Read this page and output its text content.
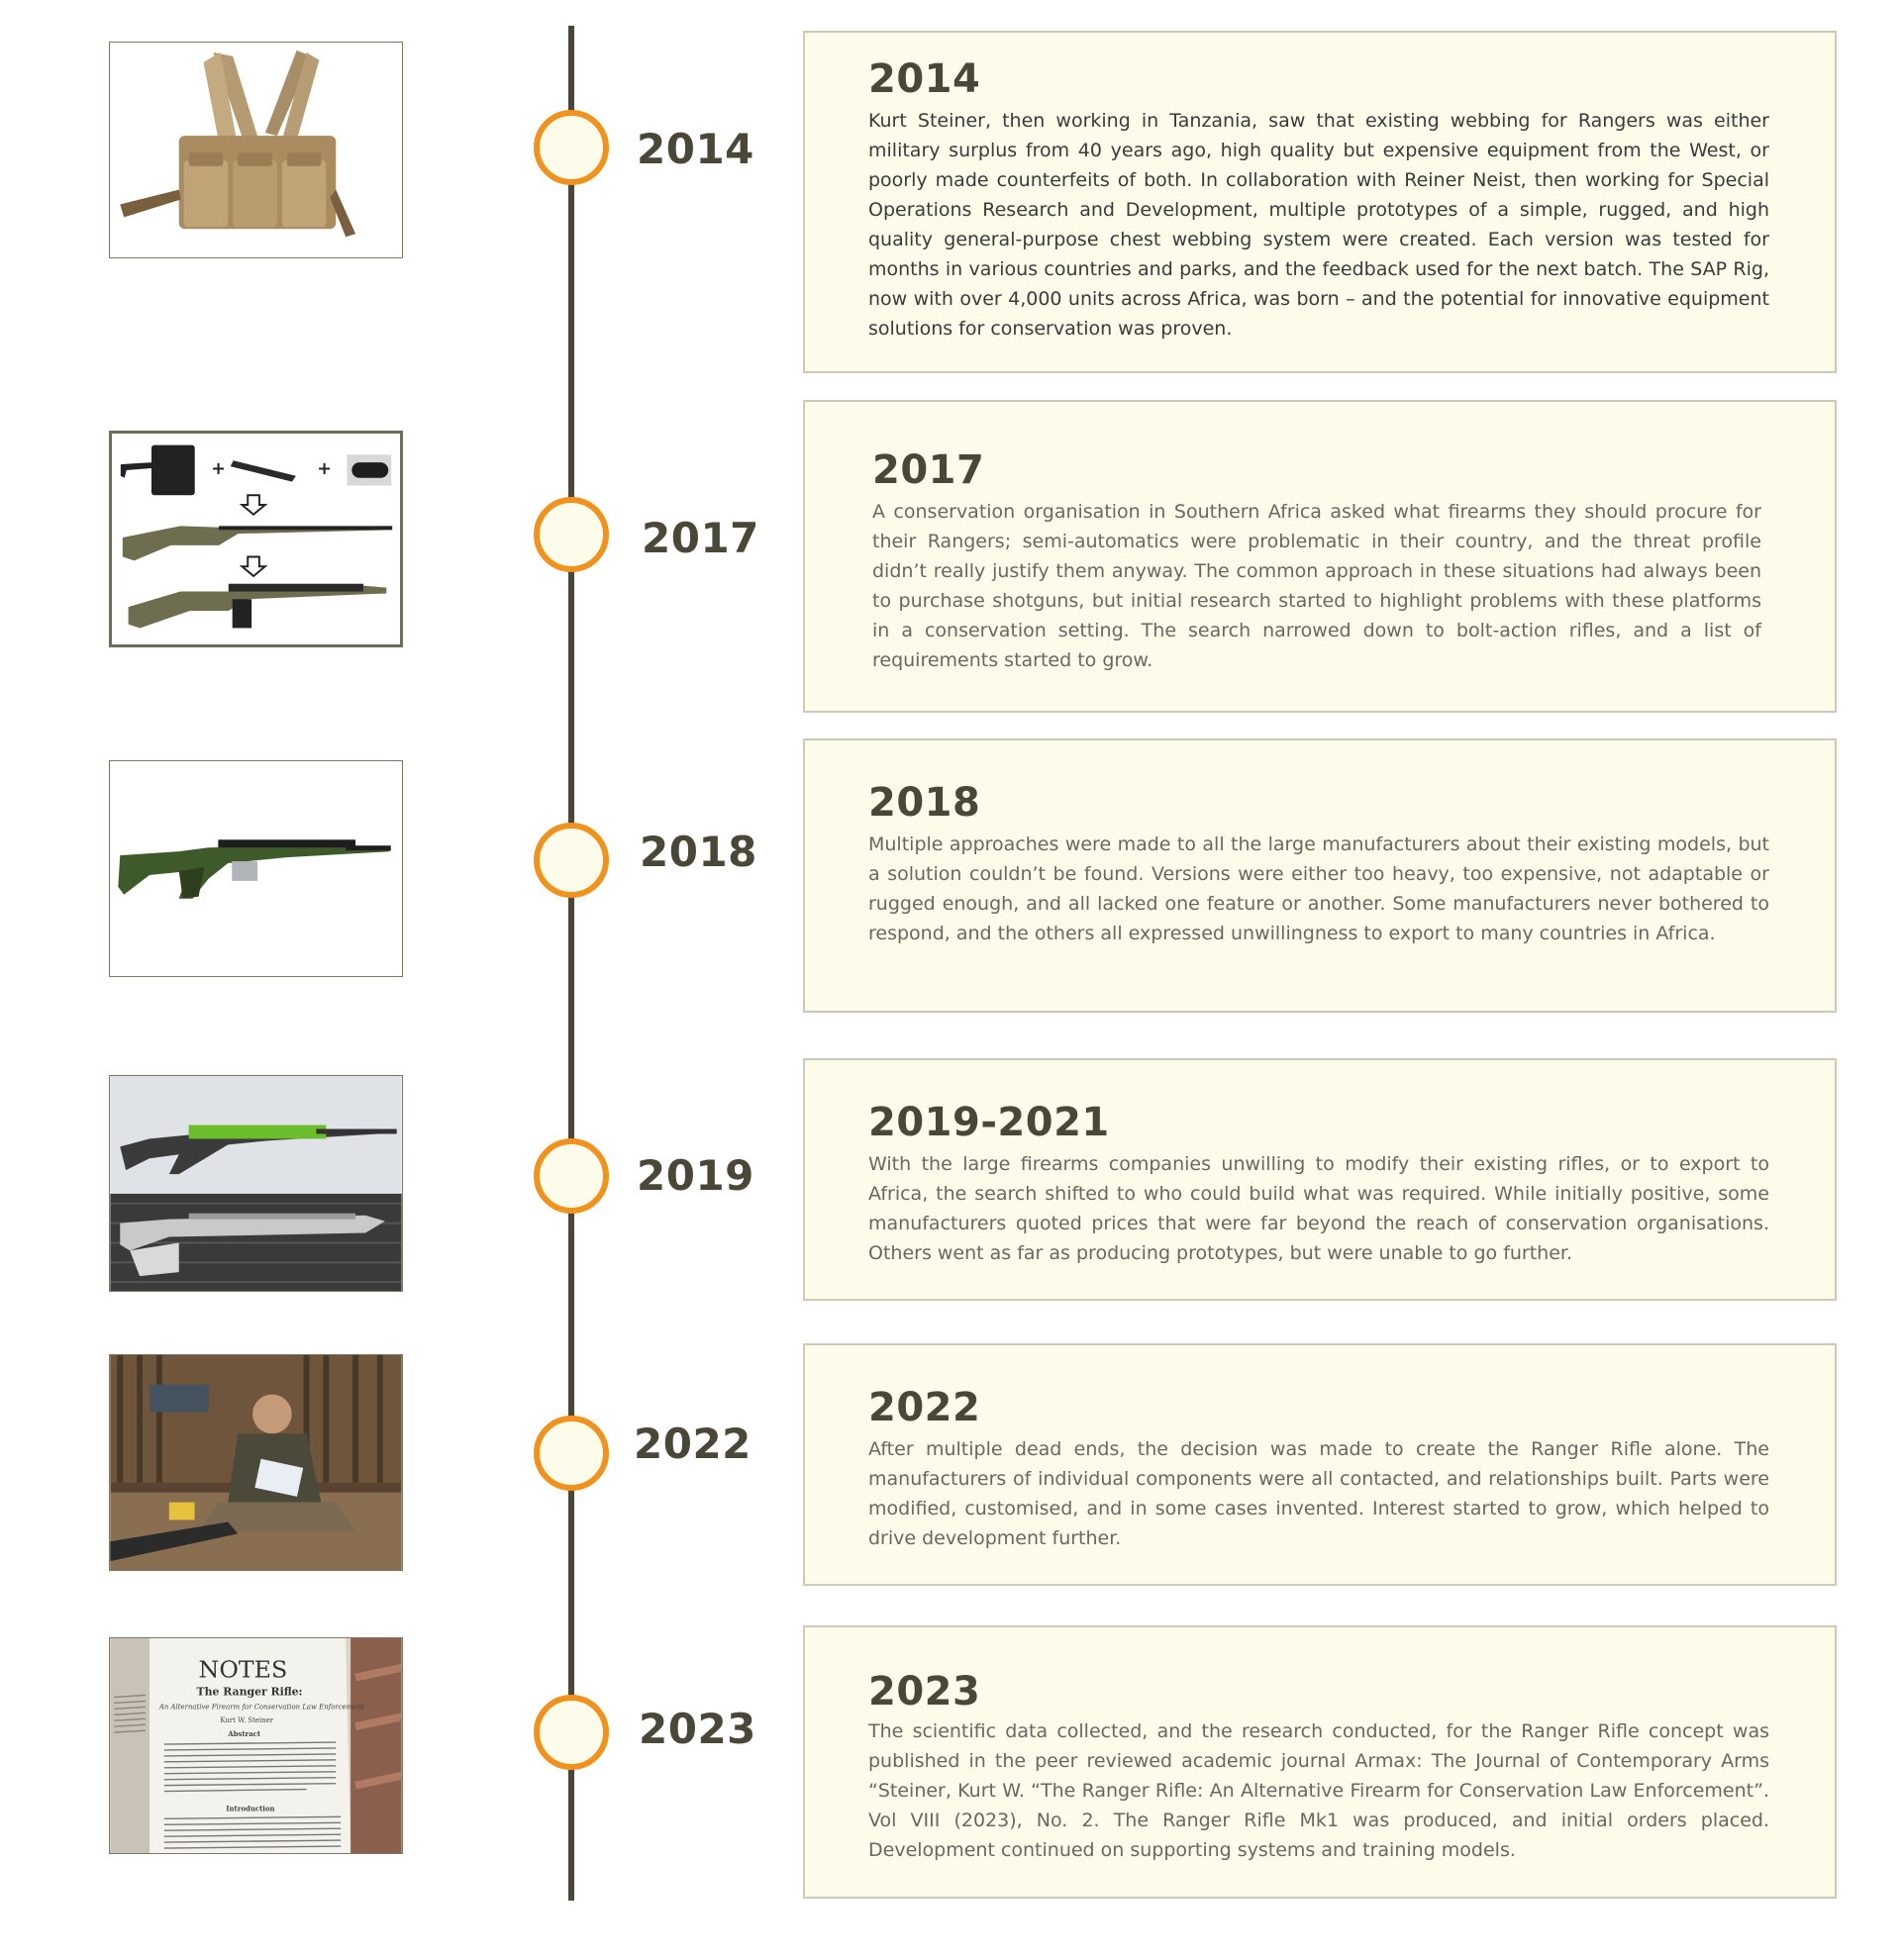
2014
2014

Kurt Steiner, then working in Tanzania, saw that existing webbing for Rangers was either military surplus from 40 years ago, high quality but expensive equipment from the West, or poorly made counterfeits of both. In collaboration with Reiner Neist, then working for Special Operations Research and Development, multiple prototypes of a simple, rugged, and high quality general-purpose chest webbing system were created. Each version was tested for months in various countries and parks, and the feedback used for the next batch. The SAP Rig, now with over 4,000 units across Africa, was born – and the potential for innovative equipment solutions for conservation was proven.

+	+
2017
2017

A conservation organisation in Southern Africa asked what firearms they should procure for their Rangers; semi-automatics were problematic in their country, and the threat profile didn’t really justify them anyway. The common approach in these situations had always been to purchase shotguns, but initial research started to highlight problems with these platforms in a conservation setting. The search narrowed down to bolt-action rifles, and a list of requirements started to grow.

2018
2018

Multiple approaches were made to all the large manufacturers about their existing models, but a solution couldn’t be found. Versions were either too heavy, too expensive, not adaptable or rugged enough, and all lacked one feature or another. Some manufacturers never bothered to respond, and the others all expressed unwillingness to export to many countries in Africa.

2019
2019-2021

With the large firearms companies unwilling to modify their existing rifles, or to export to Africa, the search shifted to who could build what was required. While initially positive, some manufacturers quoted prices that were far beyond the reach of conservation organisations. Others went as far as producing prototypes, but were unable to go further.

2022
2022

After multiple dead ends, the decision was made to create the Ranger Rifle alone. The manufacturers of individual components were all contacted, and relationships built. Parts were modified, customised, and in some cases invented. Interest started to grow, which helped to drive development further.

NOTES
The Ranger Rifle:
An Alternative Firearm for Conservation Law Enforcement
Kurt W. Steiner
Abstract
Introduction
2023
2023

The scientific data collected, and the research conducted, for the Ranger Rifle concept was published in the peer reviewed academic journal Armax: The Journal of Contemporary Arms “Steiner, Kurt W. “The Ranger Rifle: An Alternative Firearm for Conservation Law Enforcement”. Vol VIII (2023), No. 2. The Ranger Rifle Mk1 was produced, and initial orders placed. Development continued on supporting systems and training models.
